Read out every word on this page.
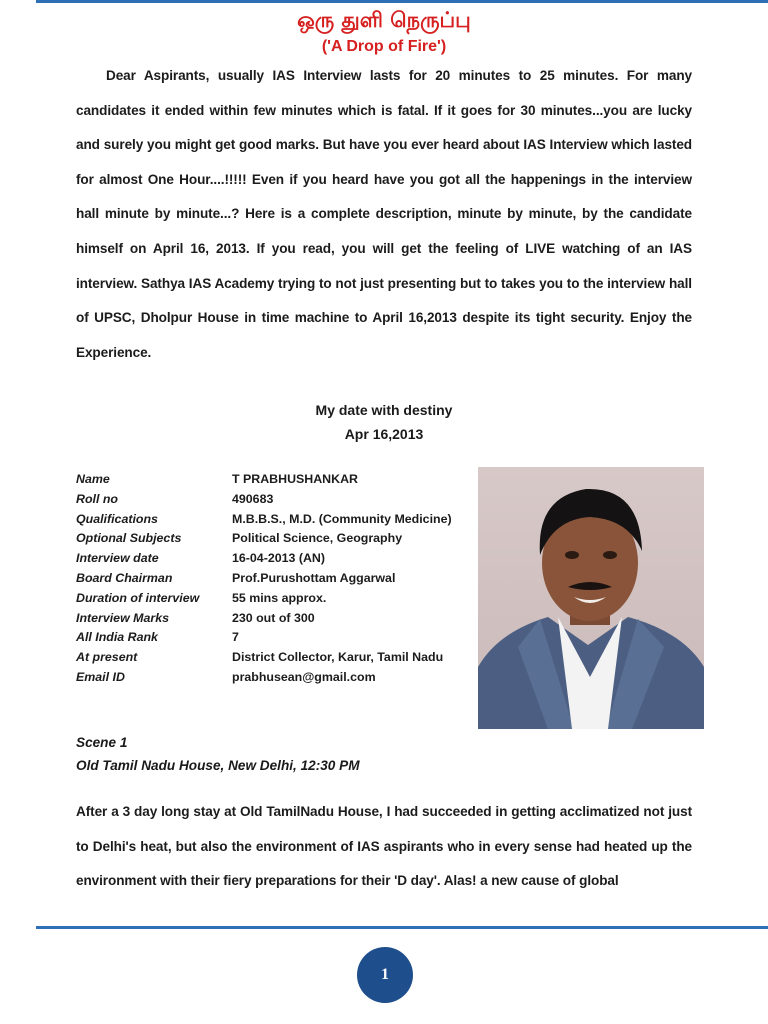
ஒரு துளி நெருப்பு
('A Drop of Fire')
Dear Aspirants, usually IAS Interview lasts for 20 minutes to 25 minutes. For many candidates it ended within few minutes which is fatal. If it goes for 30 minutes...you are lucky and surely you might get good marks. But have you ever heard about IAS Interview which lasted for almost One Hour....!!!!! Even if you heard have you got all the happenings in the interview hall minute by minute...? Here is a complete description, minute by minute, by the candidate himself on April 16, 2013. If you read, you will get the feeling of LIVE watching of an IAS interview. Sathya IAS Academy trying to not just presenting but to takes you to the interview hall of UPSC, Dholpur House in time machine to April 16,2013 despite its tight security. Enjoy the Experience.
My date with destiny
Apr 16,2013
Name	T PRABHUSHANKAR
Roll no	490683
Qualifications	M.B.B.S., M.D. (Community Medicine)
Optional Subjects	Political Science, Geography
Interview date	16-04-2013 (AN)
Board Chairman	Prof.Purushottam Aggarwal
Duration of interview	55 mins approx.
Interview Marks	230 out of 300
All India Rank	7
At present	District Collector, Karur, Tamil Nadu
Email ID	prabhusean@gmail.com
Scene 1
Old Tamil Nadu House, New Delhi, 12:30 PM
After a 3 day long stay at Old TamilNadu House, I had succeeded in getting acclimatized not just to Delhi's heat, but also the environment of IAS aspirants who in every sense had heated up the environment with their fiery preparations for their 'D day'. Alas! a new cause of global
1
